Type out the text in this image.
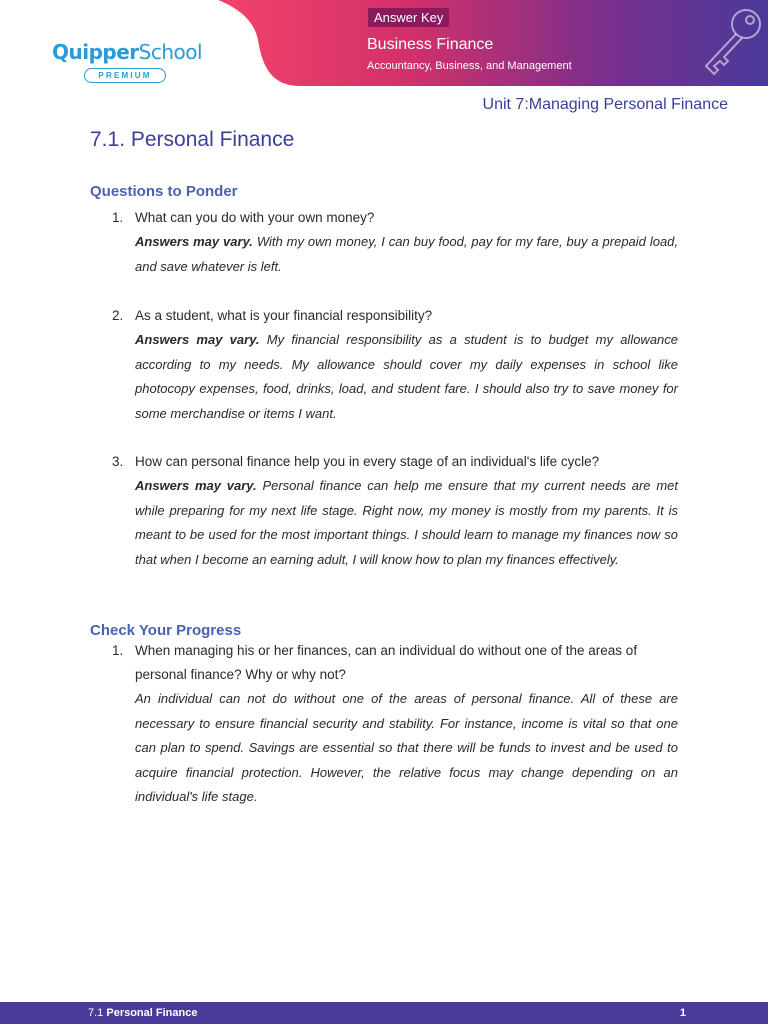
QuipperSchool
PREMIUM
Answer Key
Business Finance
Accountancy, Business, and Management
Unit 7:Managing Personal Finance
7.1. Personal Finance
Questions to Ponder
1. What can you do with your own money?
Answers may vary. With my own money, I can buy food, pay for my fare, buy a prepaid load, and save whatever is left.
2. As a student, what is your financial responsibility?
Answers may vary. My financial responsibility as a student is to budget my allowance according to my needs. My allowance should cover my daily expenses in school like photocopy expenses, food, drinks, load, and student fare. I should also try to save money for some merchandise or items I want.
3. How can personal finance help you in every stage of an individual's life cycle?
Answers may vary. Personal finance can help me ensure that my current needs are met while preparing for my next life stage. Right now, my money is mostly from my parents. It is meant to be used for the most important things. I should learn to manage my finances now so that when I become an earning adult, I will know how to plan my finances effectively.
Check Your Progress
1. When managing his or her finances, can an individual do without one of the areas of personal finance? Why or why not?
An individual can not do without one of the areas of personal finance. All of these are necessary to ensure financial security and stability. For instance, income is vital so that one can plan to spend. Savings are essential so that there will be funds to invest and be used to acquire financial protection. However, the relative focus may change depending on an individual's life stage.
7.1 Personal Finance	1
